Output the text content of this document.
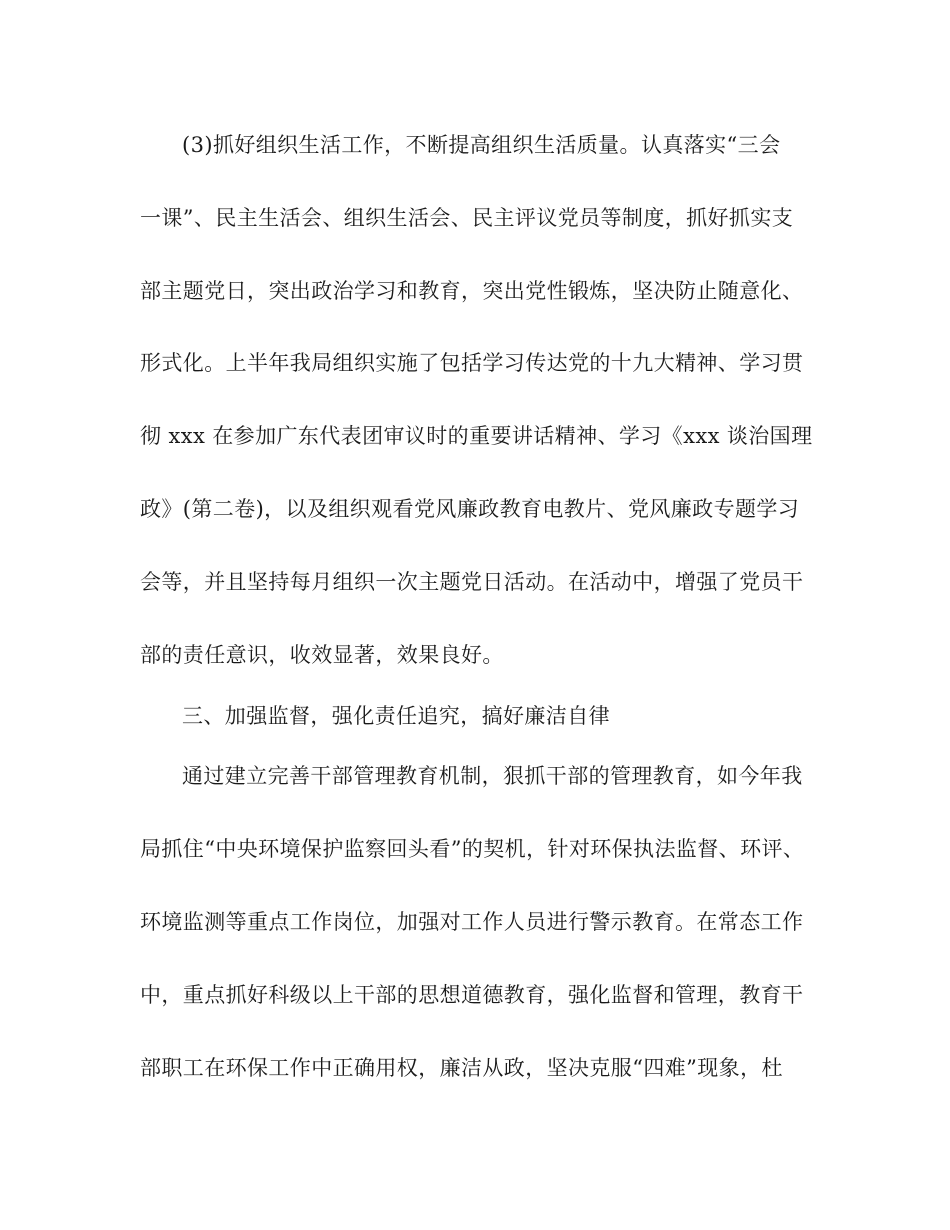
(3)抓好组织生活工作，不断提高组织生活质量。认真落实“三会
一课”、民主生活会、组织生活会、民主评议党员等制度，抓好抓实支
部主题党日，突出政治学习和教育，突出党性锻炼，坚决防止随意化、
形式化。上半年我局组织实施了包括学习传达党的十九大精神、学习贯
彻 xxx 在参加广东代表团审议时的重要讲话精神、学习《xxx 谈治国理
政》(第二卷)，以及组织观看党风廉政教育电教片、党风廉政专题学习
会等，并且坚持每月组织一次主题党日活动。在活动中，增强了党员干
部的责任意识，收效显著，效果良好。
三、加强监督，强化责任追究，搞好廉洁自律
通过建立完善干部管理教育机制，狠抓干部的管理教育，如今年我
局抓住“中央环境保护监察回头看”的契机，针对环保执法监督、环评、
环境监测等重点工作岗位，加强对工作人员进行警示教育。在常态工作
中，重点抓好科级以上干部的思想道德教育，强化监督和管理，教育干
部职工在环保工作中正确用权，廉洁从政，坚决克服“四难”现象，杜
